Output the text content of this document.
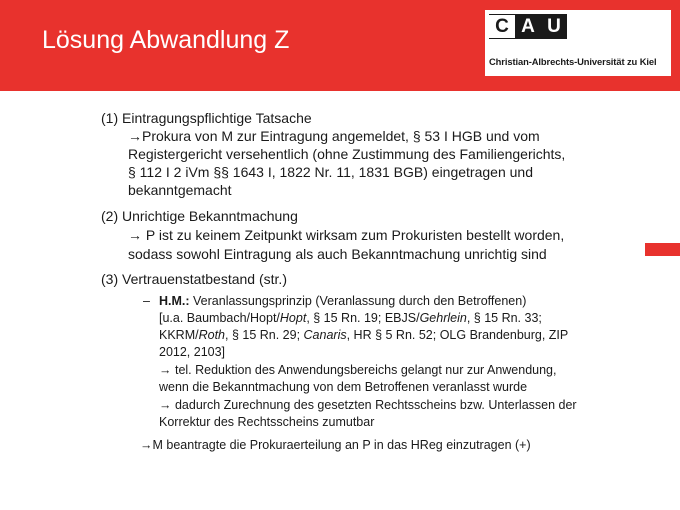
Lösung Abwandlung Z	C A U
Christian-Albrechts-Universität zu Kiel
(1) Eintragungspflichtige Tatsache
→Prokura von M zur Eintragung angemeldet, § 53 I HGB und vom
Registergericht versehentlich (ohne Zustimmung des Familiengerichts,
§ 112 I 2 iVm §§ 1643 I, 1822 Nr. 11, 1831 BGB) eingetragen und
bekanntgemacht
(2) Unrichtige Bekanntmachung
→ P ist zu keinem Zeitpunkt wirksam zum Prokuristen bestellt worden,
sodass sowohl Eintragung als auch Bekanntmachung unrichtig sind
(3) Vertrauenstatbestand (str.)
– H.M.: Veranlassungsprinzip (Veranlassung durch den Betroffenen)
[u.a. Baumbach/Hopt/Hopt, § 15 Rn. 19; EBJS/Gehrlein, § 15 Rn. 33;
KKRM/Roth, § 15 Rn. 29; Canaris, HR § 5 Rn. 52; OLG Brandenburg, ZIP
2012, 2103]
→ tel. Reduktion des Anwendungsbereichs gelangt nur zur Anwendung,
wenn die Bekanntmachung von dem Betroffenen veranlasst wurde
→ dadurch Zurechnung des gesetzten Rechtsscheins bzw. Unterlassen der
Korrektur des Rechtsscheins zumutbar
→M beantragte die Prokuraerteilung an P in das HReg einzutragen (+)
